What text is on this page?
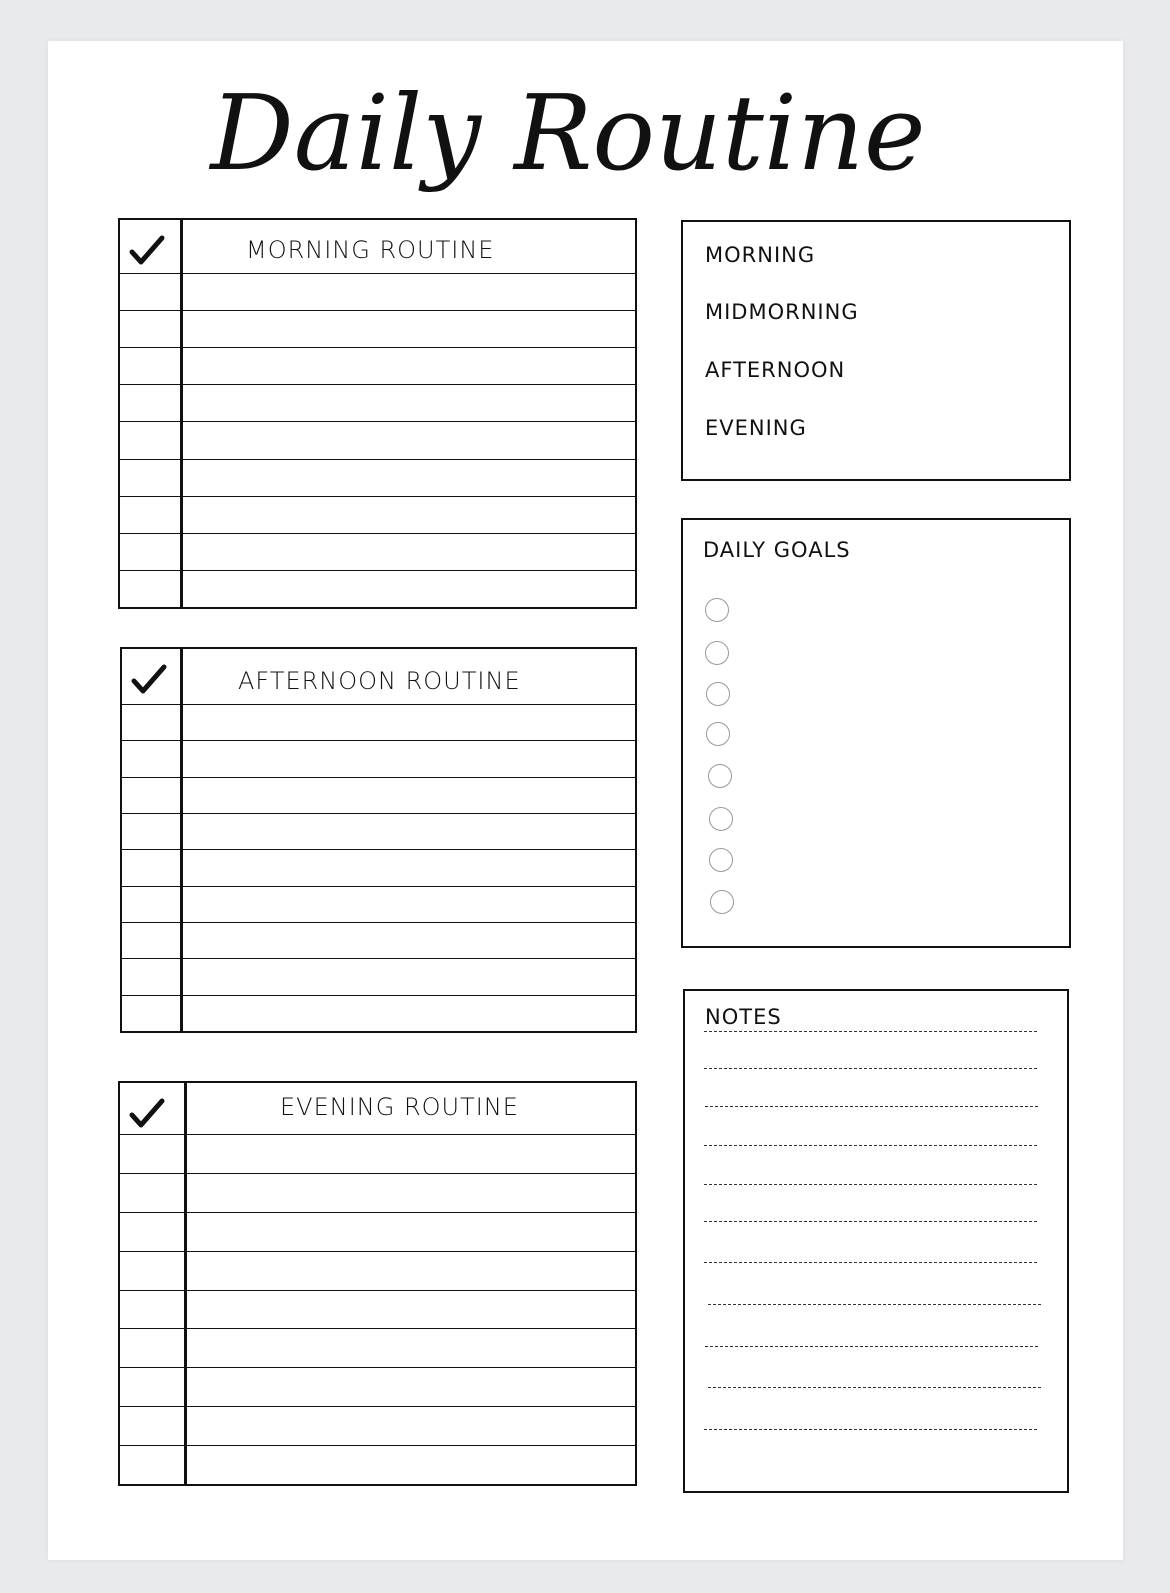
Daily Routine
MORNING ROUTINE
AFTERNOON ROUTINE
EVENING ROUTINE
MORNING
MIDMORNING
AFTERNOON
EVENING
DAILY GOALS
NOTES
